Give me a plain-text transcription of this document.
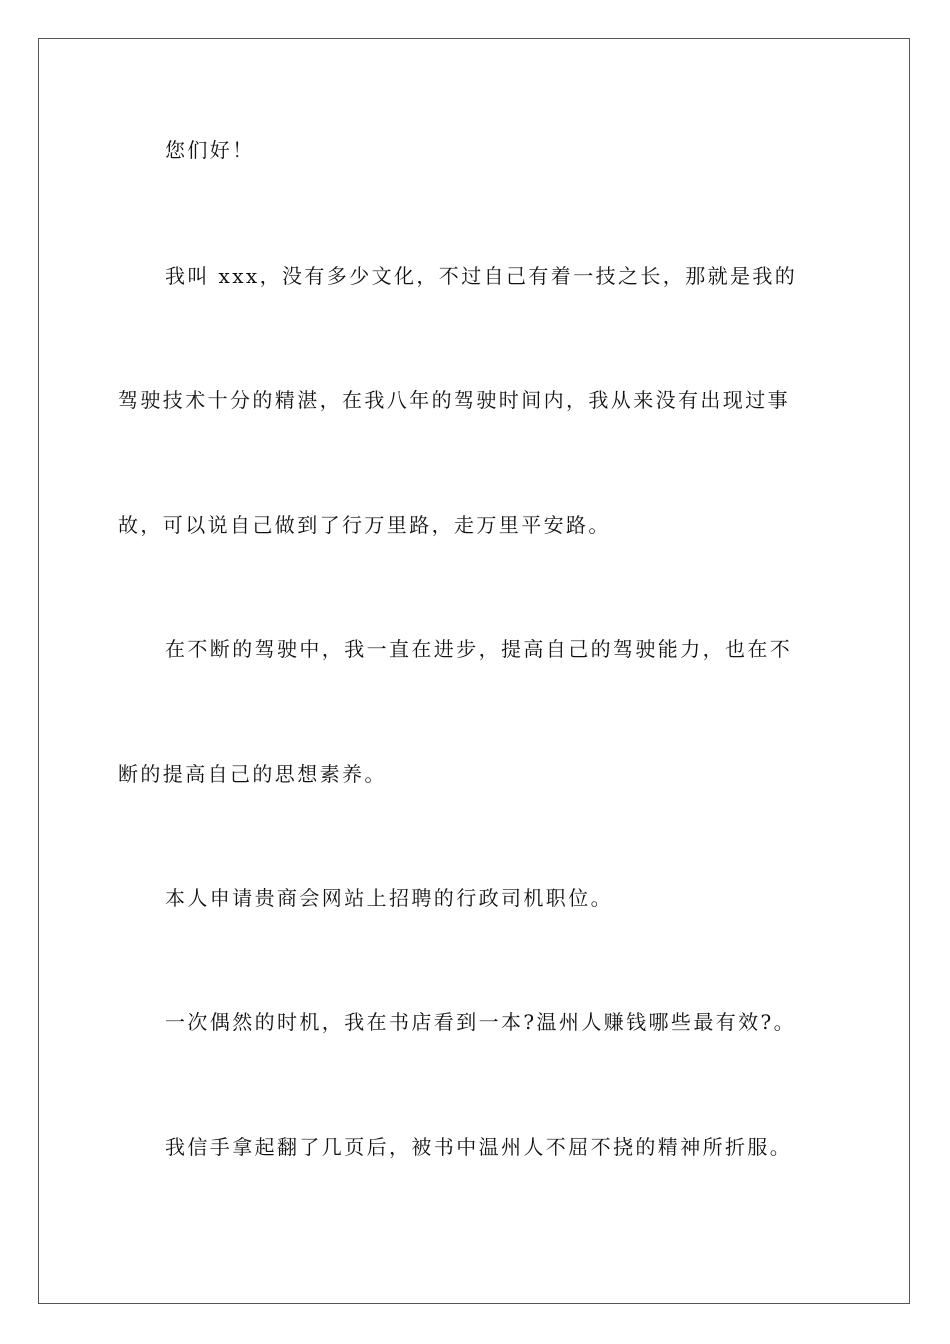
您们好！
我叫 xxx，没有多少文化，不过自己有着一技之长，那就是我的
驾驶技术十分的精湛，在我八年的驾驶时间内，我从来没有出现过事
故，可以说自己做到了行万里路，走万里平安路。
在不断的驾驶中，我一直在进步，提高自己的驾驶能力，也在不
断的提高自己的思想素养。
本人申请贵商会网站上招聘的行政司机职位。
一次偶然的时机，我在书店看到一本?温州人赚钱哪些最有效?。
我信手拿起翻了几页后，被书中温州人不屈不挠的精神所折服。
